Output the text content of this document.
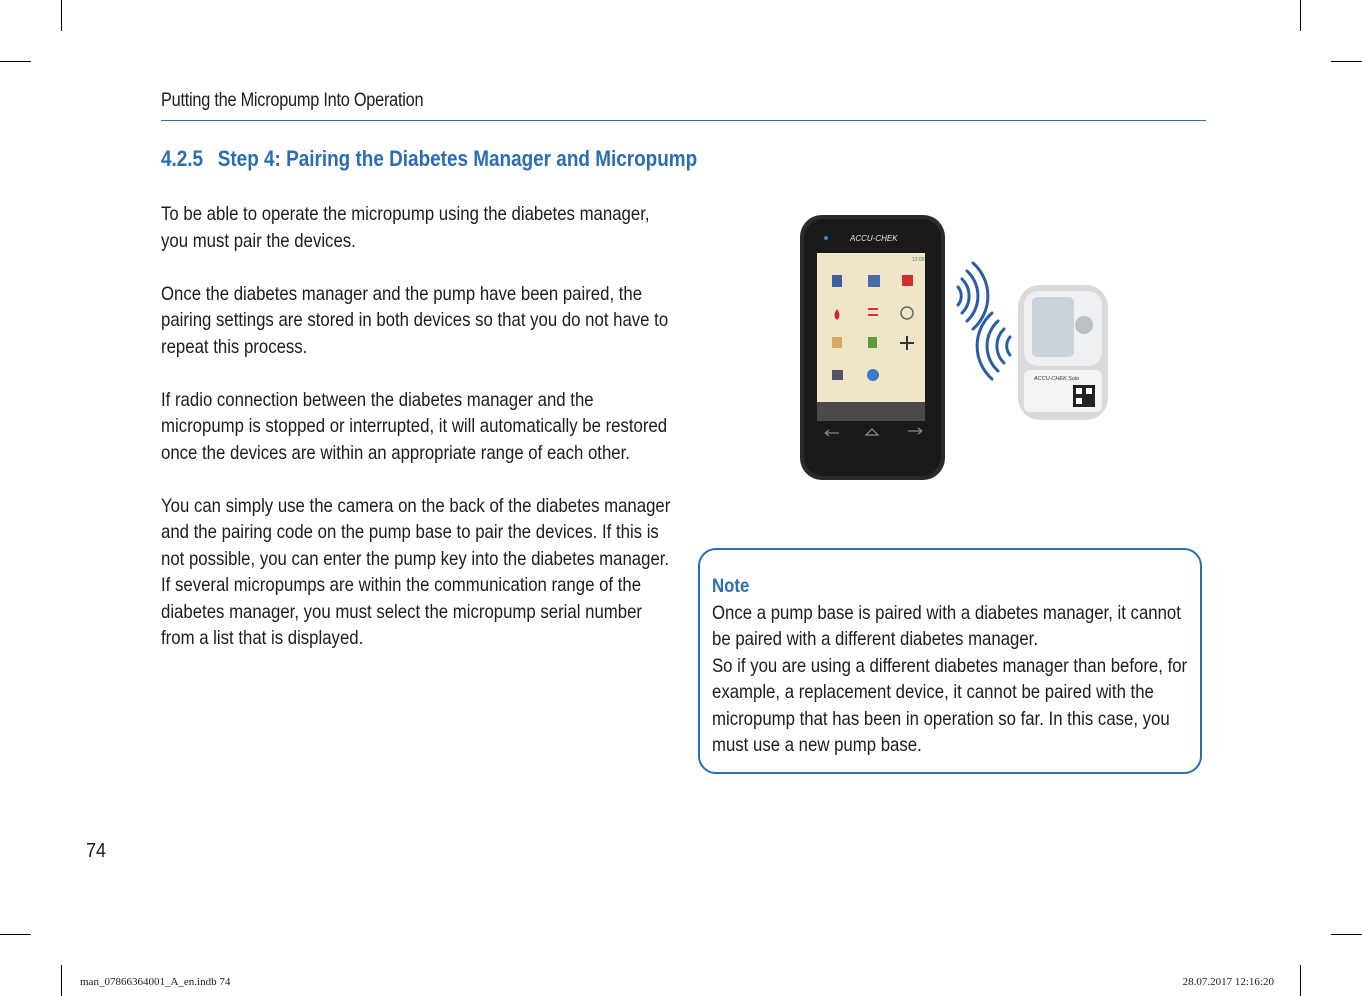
Putting the Micropump Into Operation
4.2.5 Step 4: Pairing the Diabetes Manager and Micropump

To be able to operate the micropump using the diabetes manager, you must pair the devices.

Once the diabetes manager and the pump have been paired, the pairing settings are stored in both devices so that you do not have to repeat this process.

If radio connection between the diabetes manager and the micropump is stopped or interrupted, it will automatically be restored once the devices are within an appropriate range of each other.

You can simply use the camera on the back of the diabetes manager and the pairing code on the pump base to pair the devices. If this is not possible, you can enter the pump key into the diabetes manager. If several micropumps are within the communication range of the diabetes manager, you must select the micropump serial number from a list that is displayed.

ACCU-CHEK
12:00
ACCU-CHEK Solo
Note

Once a pump base is paired with a diabetes manager, it cannot be paired with a different diabetes manager.

So if you are using a different diabetes manager than before, for example, a replacement device, it cannot be paired with the micropump that has been in operation so far. In this case, you must use a new pump base.

74
man_07866364001_A_en.indb 74	28.07.2017 12:16:20
